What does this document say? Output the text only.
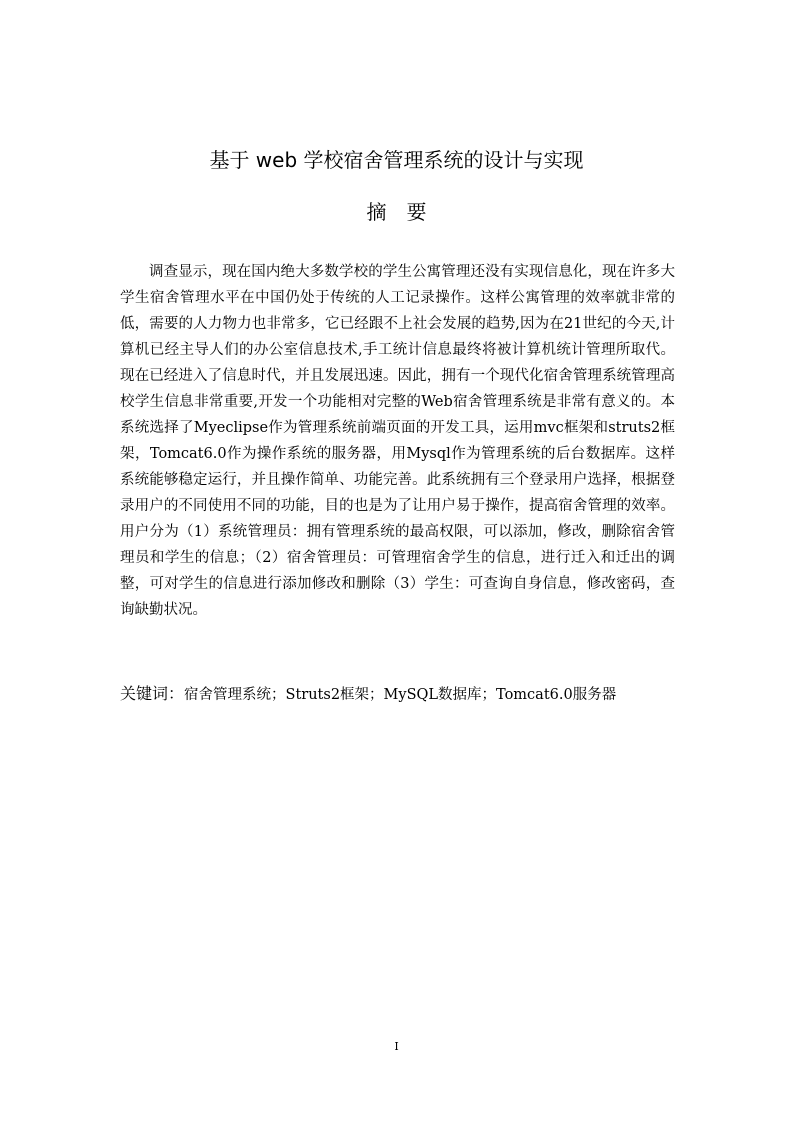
基于 web 学校宿舍管理系统的设计与实现
摘要

调查显示，现在国内绝大多数学校的学生公寓管理还没有实现信息化，现在许多大学生宿舍管理水平在中国仍处于传统的人工记录操作。这样公寓管理的效率就非常的低，需要的人力物力也非常多，它已经跟不上社会发展的趋势,因为在21世纪的今天,计算机已经主导人们的办公室信息技术,手工统计信息最终将被计算机统计管理所取代。现在已经进入了信息时代，并且发展迅速。因此，拥有一个现代化宿舍管理系统管理高校学生信息非常重要,开发一个功能相对完整的Web宿舍管理系统是非常有意义的。本系统选择了Myeclipse作为管理系统前端页面的开发工具，运用mvc框架和struts2框架，Tomcat6.0作为操作系统的服务器，用Mysql作为管理系统的后台数据库。这样系统能够稳定运行，并且操作简单、功能完善。此系统拥有三个登录用户选择，根据登录用户的不同使用不同的功能，目的也是为了让用户易于操作，提高宿舍管理的效率。用户分为（1）系统管理员：拥有管理系统的最高权限，可以添加，修改，删除宿舍管理员和学生的信息；（2）宿舍管理员：可管理宿舍学生的信息，进行迁入和迁出的调整，可对学生的信息进行添加修改和删除（3）学生：可查询自身信息，修改密码，查询缺勤状况。

关键词：宿舍管理系统；Struts2框架；MySQL数据库；Tomcat6.0服务器

I
